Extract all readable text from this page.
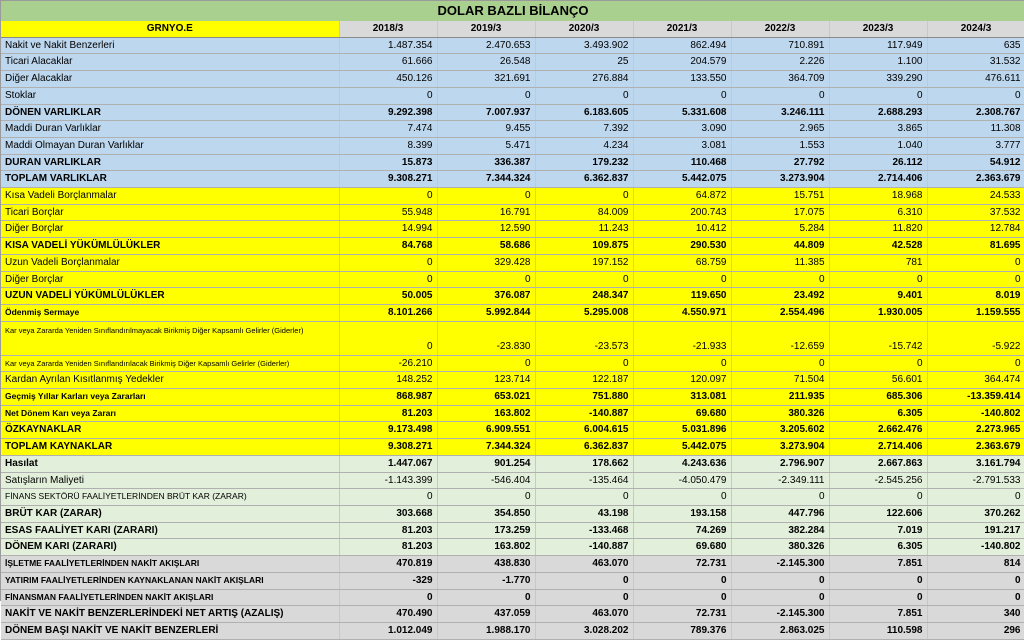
DOLAR BAZLI BİLANÇO
GRNYO.E	2018/3	2019/3	2020/3	2021/3	2022/3	2023/3	2024/3
Nakit ve Nakit Benzerleri	1.487.354	2.470.653	3.493.902	862.494	710.891	117.949	635
Ticari Alacaklar	61.666	26.548	25	204.579	2.226	1.100	31.532
Diğer Alacaklar	450.126	321.691	276.884	133.550	364.709	339.290	476.611
Stoklar	0	0	0	0	0	0	0
DÖNEN VARLIKLAR	9.292.398	7.007.937	6.183.605	5.331.608	3.246.111	2.688.293	2.308.767
Maddi Duran Varlıklar	7.474	9.455	7.392	3.090	2.965	3.865	11.308
Maddi Olmayan Duran Varlıklar	8.399	5.471	4.234	3.081	1.553	1.040	3.777
DURAN VARLIKLAR	15.873	336.387	179.232	110.468	27.792	26.112	54.912
TOPLAM VARLIKLAR	9.308.271	7.344.324	6.362.837	5.442.075	3.273.904	2.714.406	2.363.679
Kısa Vadeli Borçlanmalar	0	0	0	64.872	15.751	18.968	24.533
Ticari Borçlar	55.948	16.791	84.009	200.743	17.075	6.310	37.532
Diğer Borçlar	14.994	12.590	11.243	10.412	5.284	11.820	12.784
KISA VADELİ YÜKÜMLÜLÜKLER	84.768	58.686	109.875	290.530	44.809	42.528	81.695
Uzun Vadeli Borçlanmalar	0	329.428	197.152	68.759	11.385	781	0
Diğer Borçlar	0	0	0	0	0	0	0
UZUN VADELİ YÜKÜMLÜLÜKLER	50.005	376.087	248.347	119.650	23.492	9.401	8.019
Ödenmiş Sermaye	8.101.266	5.992.844	5.295.008	4.550.971	2.554.496	1.930.005	1.159.555
Kar veya Zararda Yeniden Sınıflandırılmayacak Birikmiş Diğer Kapsamlı Gelirler (Giderler)	0	-23.830	-23.573	-21.933	-12.659	-15.742	-5.922
Kar veya Zararda Yeniden Sınıflandırılacak Birikmiş Diğer Kapsamlı Gelirler (Giderler)	-26.210	0	0	0	0	0	0
Kardan Ayrılan Kısıtlanmış Yedekler	148.252	123.714	122.187	120.097	71.504	56.601	364.474
Geçmiş Yıllar Karları veya Zararları	868.987	653.021	751.880	313.081	211.935	685.306	-13.359.414
Net Dönem Karı veya Zararı	81.203	163.802	-140.887	69.680	380.326	6.305	-140.802
ÖZKAYNAKLAR	9.173.498	6.909.551	6.004.615	5.031.896	3.205.602	2.662.476	2.273.965
TOPLAM KAYNAKLAR	9.308.271	7.344.324	6.362.837	5.442.075	3.273.904	2.714.406	2.363.679
Hasılat	1.447.067	901.254	178.662	4.243.636	2.796.907	2.667.863	3.161.794
Satışların Maliyeti	-1.143.399	-546.404	-135.464	-4.050.479	-2.349.111	-2.545.256	-2.791.533
FİNANS SEKTÖRÜ FAALİYETLERİNDEN BRÜT KAR (ZARAR)	0	0	0	0	0	0	0
BRÜT KAR (ZARAR)	303.668	354.850	43.198	193.158	447.796	122.606	370.262
ESAS FAALİYET KARI (ZARARI)	81.203	173.259	-133.468	74.269	382.284	7.019	191.217
DÖNEM KARI (ZARARI)	81.203	163.802	-140.887	69.680	380.326	6.305	-140.802
İŞLETME FAALİYETLERİNDEN NAKİT AKIŞLARI	470.819	438.830	463.070	72.731	-2.145.300	7.851	814
YATIRIM FAALİYETLERİNDEN KAYNAKLANAN NAKİT AKIŞLARI	-329	-1.770	0	0	0	0	0
FİNANSMAN FAALİYETLERİNDEN NAKİT AKIŞLARI	0	0	0	0	0	0	0
NAKİT VE NAKİT BENZERLERİNDEKİ NET ARTIŞ (AZALIŞ)	470.490	437.059	463.070	72.731	-2.145.300	7.851	340
DÖNEM BAŞI NAKİT VE NAKİT BENZERLERİ	1.012.049	1.988.170	3.028.202	789.376	2.863.025	110.598	296
